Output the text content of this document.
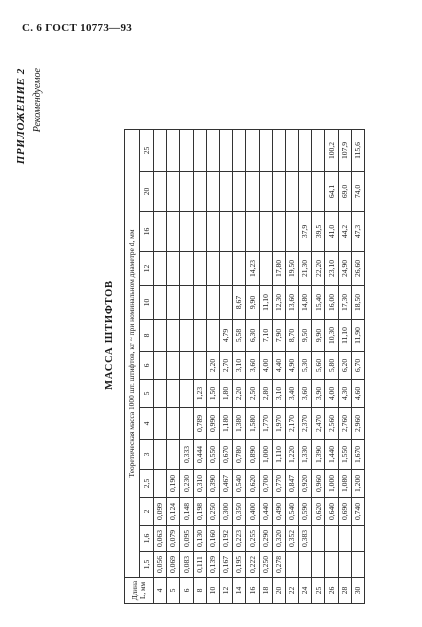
С. 6 ГОСТ 10773—93
ПРИЛОЖЕНИЕ 2 Рекомендуемое
МАССА ШТИФТОВ
Длина L, мм	Теоретическая масса 1000 шт. штифтов, кг ~ при номинальном диаметре d, мм													
	1,5	1,6	2	2,5	3	4	5	6	8	10	12	16	20	25
4	0,056	0,063	0,099											
5	0,069	0,079	0,124	0,190										
6	0,083	0,095	0,148	0,230	0,333									
8	0,111	0,130	0,198	0,310	0,444	0,789	1,23							
10	0,139	0,160	0,250	0,390	0,550	0,990	1,50	2,20						
12	0,167	0,192	0,300	0,467	0,670	1,180	1,80	2,70	4,79					
14	0,195	0,223	0,350	0,540	0,780	1,380	2,20	3,10	5,58	8,67				
16	0,222	0,255	0,400	0,620	0,890	1,580	2,50	3,60	6,30	9,90	14,23			
18	0,250	0,290	0,440	0,700	1,000	1,770	2,80	4,00	7,10	11,10				
20	0,278	0,320	0,490	0,770	1,110	1,970	3,10	4,40	7,90	12,30	17,80			
22		0,352	0,540	0,847	1,220	2,170	3,40	4,90	8,70	13,60	19,50			
24		0,383	0,590	0,920	1,330	2,370	3,60	5,30	9,50	14,80	21,30	37,9		
25			0,620	0,960	1,390	2,470	3,90	5,60	9,90	15,40	22,20	39,5		
26			0,640	1,000	1,440	2,560	4,00	5,80	10,30	16,00	23,10	41,0	64,1	100,2
28			0,690	1,080	1,550	2,760	4,30	6,20	11,10	17,30	24,90	44,2	69,0	107,9
30			0,740	1,200	1,670	2,960	4,60	6,70	11,90	18,50	26,60	47,3	74,0	115,6
